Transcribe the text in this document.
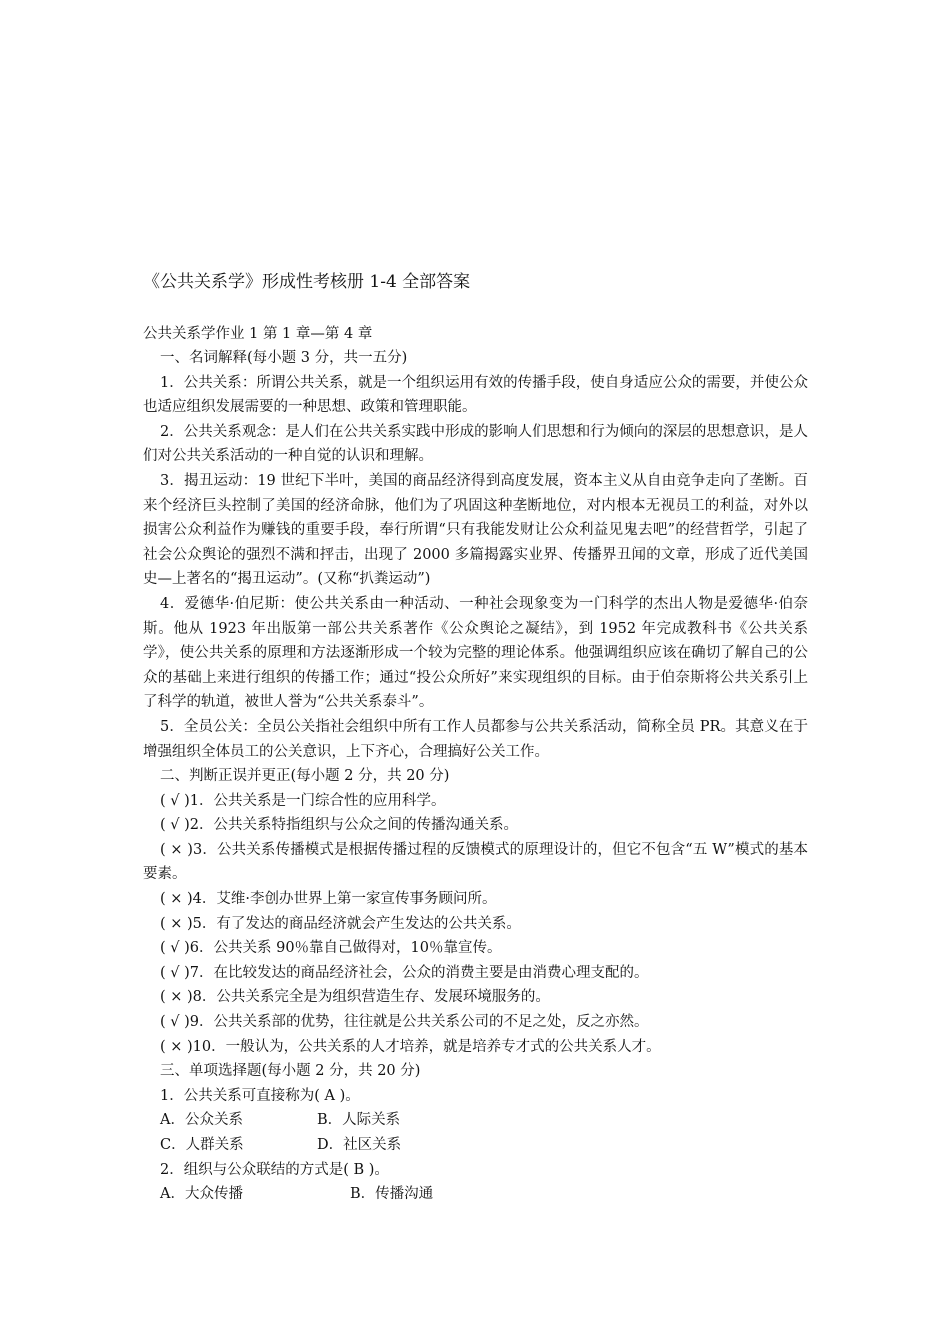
《公共关系学》形成性考核册 1-4 全部答案
公共关系学作业 1 第 1 章—第 4 章

一、名词解释(每小题 3 分，共一五分)

1．公共关系：所谓公共关系，就是一个组织运用有效的传播手段，使自身适应公众的需要，并使公众也适应组织发展需要的一种思想、政策和管理职能。

2．公共关系观念：是人们在公共关系实践中形成的影响人们思想和行为倾向的深层的思想意识，是人们对公共关系活动的一种自觉的认识和理解。

3．揭丑运动：19 世纪下半叶，美国的商品经济得到高度发展，资本主义从自由竞争走向了垄断。百来个经济巨头控制了美国的经济命脉，他们为了巩固这种垄断地位，对内根本无视员工的利益，对外以损害公众利益作为赚钱的重要手段，奉行所谓“只有我能发财让公众利益见鬼去吧”的经营哲学，引起了社会公众舆论的强烈不满和抨击，出现了 2000 多篇揭露实业界、传播界丑闻的文章，形成了近代美国史—上著名的“揭丑运动”。(又称“扒粪运动”)

4．爱德华·伯尼斯：使公共关系由一种活动、一种社会现象变为一门科学的杰出人物是爱德华·伯奈斯。他从 1923 年出版第一部公共关系著作《公众舆论之凝结》，到 1952 年完成教科书《公共关系学》，使公共关系的原理和方法逐渐形成一个较为完整的理论体系。他强调组织应该在确切了解自己的公众的基础上来进行组织的传播工作；通过“投公众所好”来实现组织的目标。由于伯奈斯将公共关系引上了科学的轨道，被世人誉为“公共关系泰斗”。

5．全员公关：全员公关指社会组织中所有工作人员都参与公共关系活动，简称全员 PR。其意义在于增强组织全体员工的公关意识，上下齐心，合理搞好公关工作。

二、判断正误并更正(每小题 2 分，共 20 分)

( √ )1．公共关系是一门综合性的应用科学。

( √ )2．公共关系特指组织与公众之间的传播沟通关系。

( × )3．公共关系传播模式是根据传播过程的反馈模式的原理设计的，但它不包含“五 W”模式的基本要素。

( × )4．艾维·李创办世界上第一家宣传事务顾问所。

( × )5．有了发达的商品经济就会产生发达的公共关系。

( √ )6．公共关系 90％靠自己做得对，10％靠宣传。

( √ )7．在比较发达的商品经济社会，公众的消费主要是由消费心理支配的。

( × )8．公共关系完全是为组织营造生存、发展环境服务的。

( √ )9．公共关系部的优势，往往就是公共关系公司的不足之处，反之亦然。

( × )10．一般认为，公共关系的人才培养，就是培养专才式的公共关系人才。

三、单项选择题(每小题 2 分，共 20 分)

1．公共关系可直接称为( A )。

A．公众关系	B．人际关系

C．人群关系	D．社区关系

2．组织与公众联结的方式是( B )。

A．大众传播	B．传播沟通
